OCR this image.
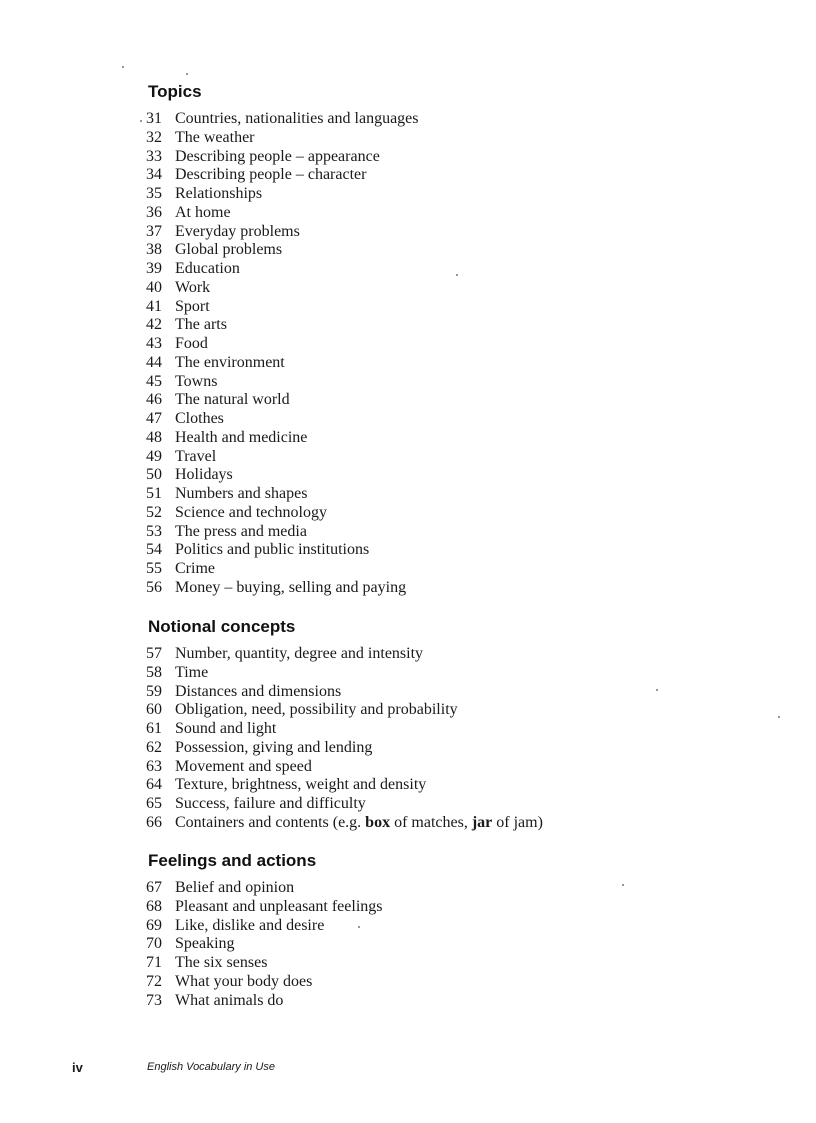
Topics
31 Countries, nationalities and languages
32 The weather
33 Describing people – appearance
34 Describing people – character
35 Relationships
36 At home
37 Everyday problems
38 Global problems
39 Education
40 Work
41 Sport
42 The arts
43 Food
44 The environment
45 Towns
46 The natural world
47 Clothes
48 Health and medicine
49 Travel
50 Holidays
51 Numbers and shapes
52 Science and technology
53 The press and media
54 Politics and public institutions
55 Crime
56 Money – buying, selling and paying
Notional concepts
57 Number, quantity, degree and intensity
58 Time
59 Distances and dimensions
60 Obligation, need, possibility and probability
61 Sound and light
62 Possession, giving and lending
63 Movement and speed
64 Texture, brightness, weight and density
65 Success, failure and difficulty
66 Containers and contents (e.g. box of matches, jar of jam)
Feelings and actions
67 Belief and opinion
68 Pleasant and unpleasant feelings
69 Like, dislike and desire
70 Speaking
71 The six senses
72 What your body does
73 What animals do
iv	English Vocabulary in Use
